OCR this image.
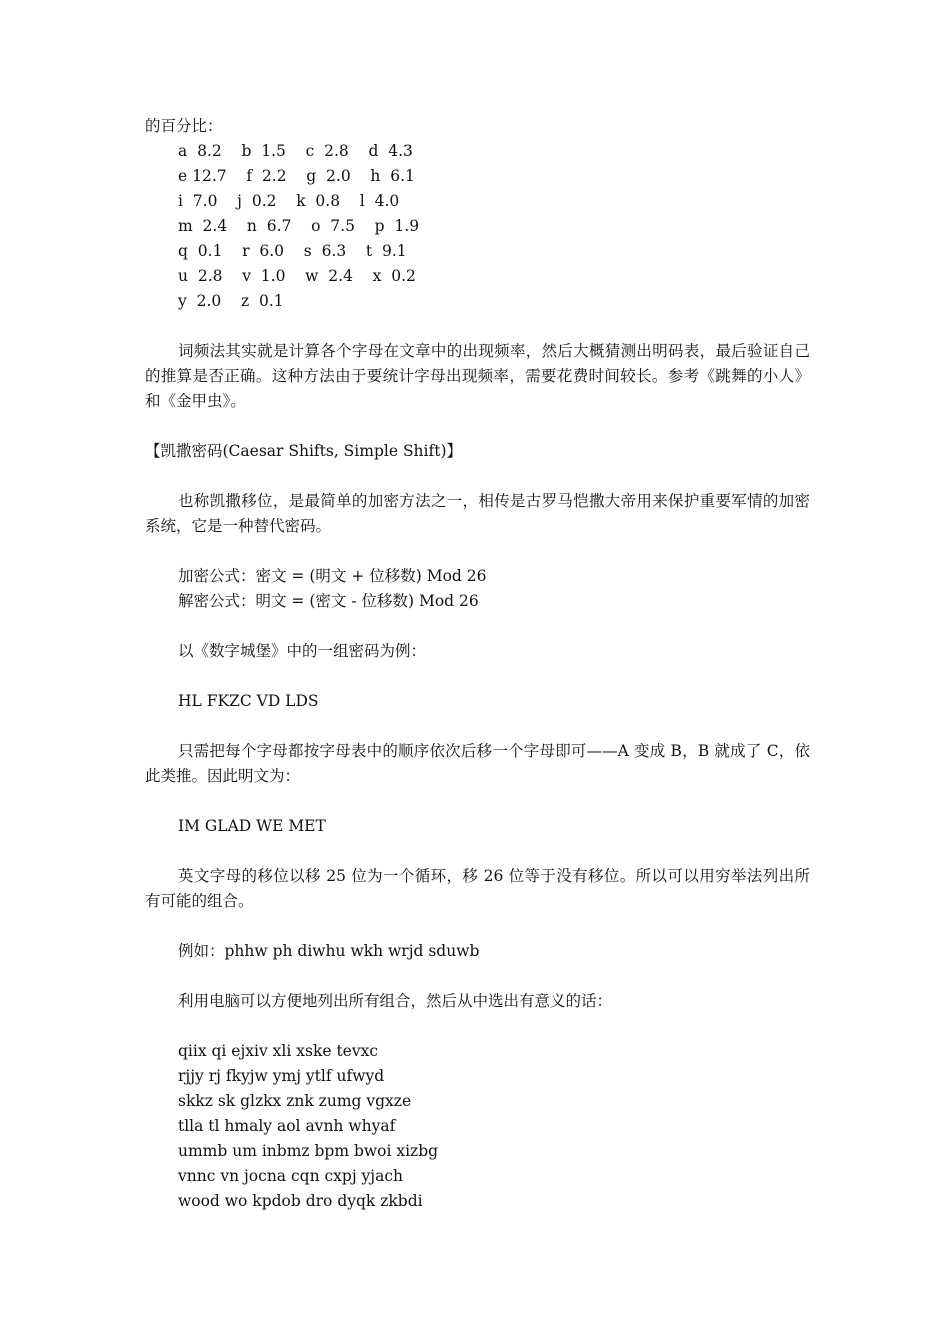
的百分比：
a  8.2    b  1.5    c  2.8    d  4.3
e 12.7    f  2.2    g  2.0    h  6.1
i  7.0    j  0.2    k  0.8    l  4.0
m  2.4    n  6.7    o  7.5    p  1.9
q  0.1    r  6.0    s  6.3    t  9.1
u  2.8    v  1.0    w  2.4    x  0.2
y  2.0    z  0.1
词频法其实就是计算各个字母在文章中的出现频率，然后大概猜测出明码表，最后验证自己的推算是否正确。这种方法由于要统计字母出现频率，需要花费时间较长。参考《跳舞的小人》和《金甲虫》。
【凯撒密码(Caesar Shifts, Simple Shift)】
也称凯撒移位，是最简单的加密方法之一，相传是古罗马恺撒大帝用来保护重要军情的加密系统，它是一种替代密码。
加密公式：密文 = (明文 + 位移数) Mod 26
解密公式：明文 = (密文 - 位移数) Mod 26
以《数字城堡》中的一组密码为例：
HL FKZC VD LDS
只需把每个字母都按字母表中的顺序依次后移一个字母即可——A 变成 B，B 就成了 C，依此类推。因此明文为：
IM GLAD WE MET
英文字母的移位以移 25 位为一个循环，移 26 位等于没有移位。所以可以用穷举法列出所有可能的组合。
例如：phhw ph diwhu wkh wrjd sduwb
利用电脑可以方便地列出所有组合，然后从中选出有意义的话：
qiix qi ejxiv xli xske tevxc
rjjy rj fkyjw ymj ytlf ufwyd
skkz sk glzkx znk zumg vgxze
tlla tl hmaly aol avnh whyaf
ummb um inbmz bpm bwoi xizbg
vnnc vn jocna cqn cxpj yjach
wood wo kpdob dro dyqk zkbdi
